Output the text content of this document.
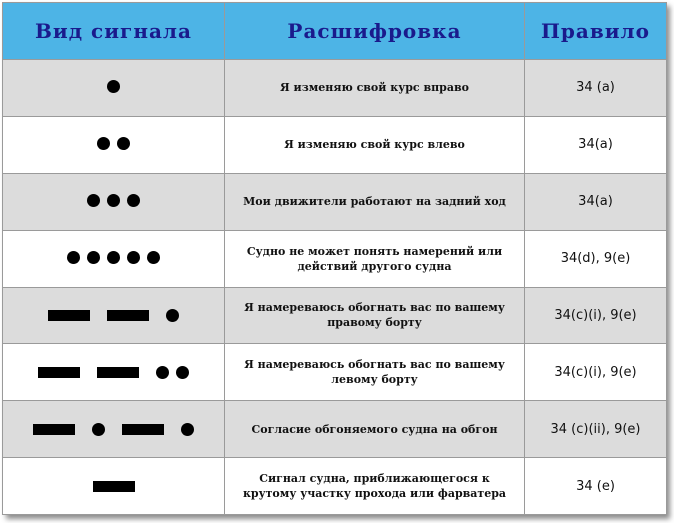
Вид сигнала	Расшифровка	Правило

	Я изменяю свой курс вправо	34 (а)

	Я изменяю свой курс влево	34(а)

	Мои движители работают на задний ход	34(а)

	Судно не может понять намерений или действий другого судна	34(d), 9(е)

	Я намереваюсь обогнать вас по вашему правому борту	34(с)(i), 9(е)

	Я намереваюсь обогнать вас по вашему левому борту	34(с)(i), 9(е)

	Согласие обгоняемого судна на обгон	34 (с)(ii), 9(е)

	Сигнал судна, приближающегося к крутому участку прохода или фарватера	34 (е)
